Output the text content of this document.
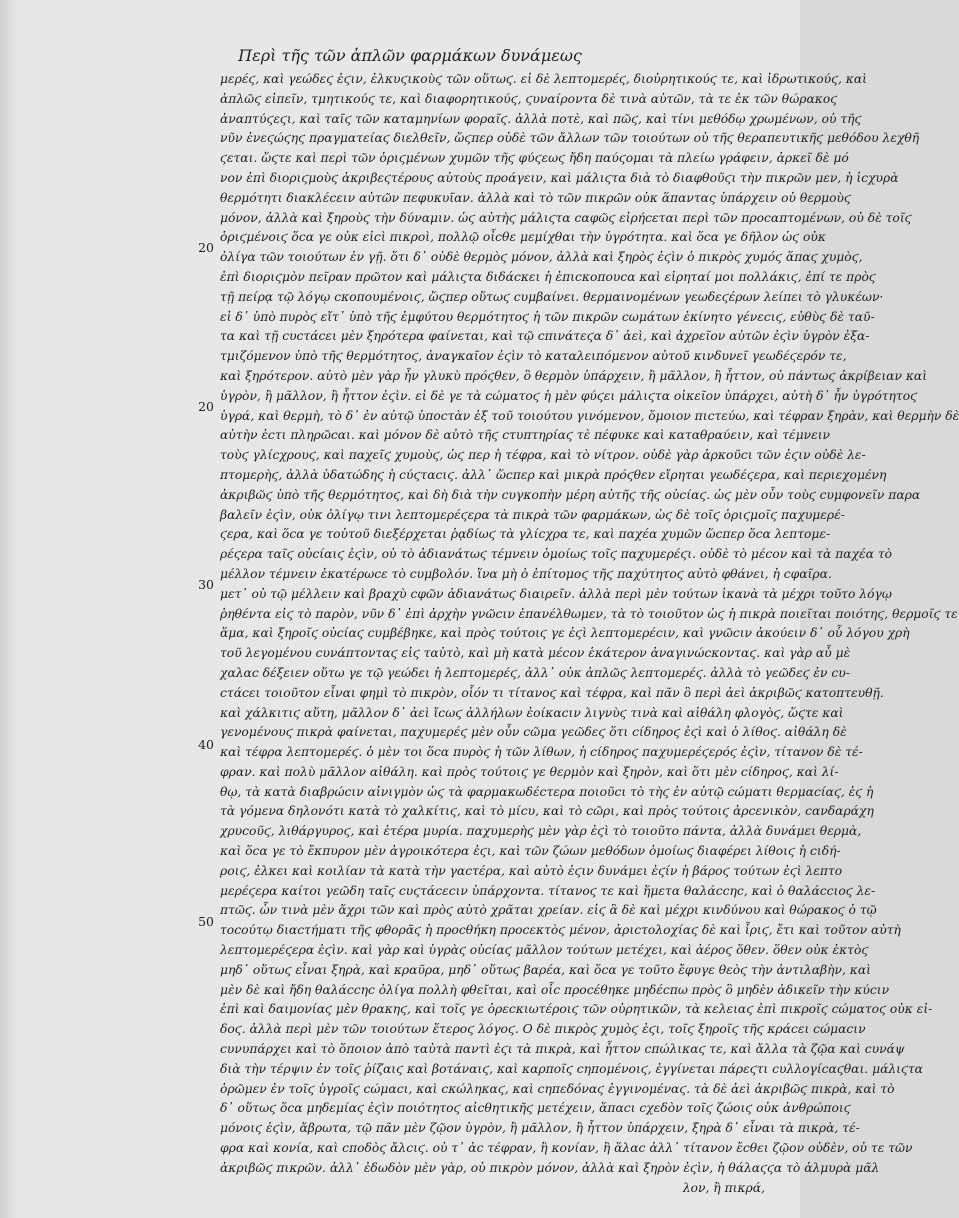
Περὶ τῆς τῶν ἁπλῶν φαρμάκων δυνάμεως
20
20
30
40
50
μερέϛ, καὶ γεώδεϛ ἐϛιν, ἐλκυϛικοὺϛ τῶν οὕτωϛ. εἰ δὲ λεπτομερέϛ, διοὐρητικούϛ τε, καὶ ἱδρωτικούϛ, καὶ
ἁπλῶϛ εἰπεῖν, τμητικούϛ τε, καὶ διαφορητικούϛ, ϛυναίροντα δὲ τινὰ αὐτῶν, τὰ τε ἐκ τῶν θώρακοϛ
ἀναπτύϛεϛι, καὶ ταῖϛ τῶν καταμηνίων φοραῖϛ. ἀλλὰ ποτὲ, καὶ πῶϛ, καὶ τίνι μεθόδῳ χρωμένων, οὐ τῆϛ
νῦν ἐνεϛώϛηϛ πραγματείαϛ διελθεῖν, ὥϛπερ οὐδὲ τῶν ἄλλων τῶν τοιούτων οὐ τῆϛ θεραπευτικῆϛ μεθόδου λεχθῆ
ϛεται. ὥϛτε καὶ περὶ τῶν ὁριϛμένων χυμῶν τῆϛ φύϛεωϛ ἤδη παύϛομαι τὰ πλείω γράφειν, ἀρκεῖ δὲ μό
νον ἐπὶ διοριϛμοὺϛ ἀκριβεϛτέρουϛ αὐτοὺϛ προάγειν, καὶ μάλιϛτα διὰ τὸ διαφθοῦϛι τὴν πικρῶν μεν, ἡ ἰϲχυρὰ
θερμότητι διακλέϲειν αὐτῶν πεφυκυῖαν. ἀλλὰ καὶ τὸ τῶν πικρῶν οὐκ ἅπαντας ὑπάρχειν οὐ θερμοὺϛ
μόνον, ἀλλὰ καὶ ξηροὺϛ τὴν δύναμιν. ὡϛ αὐτὴϛ μάλιϛτα ϲαφῶϛ εἰρήϲεται περὶ τῶν προϲαπτομένων, οὐ δὲ τοῖϛ
ὁριϛμένοιϛ ὅϲα γε οὐκ εἰϲὶ πικροὶ, πολλῷ οἶϲθε μεμίχθαι τὴν ὑγρότητα. καὶ ὅϲα γε δῆλον ὡϛ οὐκ
ὀλίγα τῶν τοιούτων ἐν γῇ. ὅτι δ᾽ οὐδὲ θερμὸϛ μόνον, ἀλλὰ καὶ ξηρὸϛ ἐϛὶν ὁ πικρὸϛ χυμόϛ ἅπαϛ χυμὸϛ,
ἐπὶ διοριϛμὸν πεῖραν πρῶτον καὶ μάλιϛτα διδάϲκει ἡ ἐπιϲκοπουϲα καὶ εἰρηταί μοι πολλάκιϛ, ἐπί τε πρὸϛ
τῇ πείρᾳ τῷ λόγῳ ϲκοπουμένοιϛ, ὥϛπερ οὕτωϛ ϲυμβαίνει. θερμαινομένων γεωδεϛέρων λείπει τὸ γλυκέων·
εἰ δ᾽ ὑπὸ πυρὸϛ εἴτ᾽ ὑπὸ τῆϛ ἐμφύτου θερμότητοϛ ἡ τῶν πικρῶν ϲωμάτων ἐκίνητο γένεϲιϛ, εὐθὺϛ δὲ ταῦ-
τα καὶ τῇ ϲυϲτάϲει μὲν ξηρότερα φαίνεται, καὶ τῷ ϲπινάτεϛα δ᾽ ἀεὶ, καὶ ἀχρεῖον αὐτῶν ἐϛὶν ὑγρὸν ἐξα-
τμιζόμενον ὑπὸ τῆϛ θερμότητοϛ, ἀναγκαῖον ἐϛὶν τὸ καταλειπόμενον αὐτοῦ κινδυνεῖ γεωδέϛερόν τε,
καὶ ξηρότερον. αὐτὸ μὲν γὰρ ἦν γλυκὺ πρόϛθεν, ὃ θερμὸν ὑπάρχειν, ἢ μᾶλλον, ἢ ἧττον, οὐ πάντωϛ ἀκρίβειαν καὶ
ὑγρὸν, ἢ μᾶλλον, ἢ ἧττον ἐϛὶν. εἰ δὲ γε τὰ ϲώματοϛ ἡ μὲν φύϛει μάλιϛτα οἰκεῖον ὑπάρχει, αὐτὴ δ᾽ ἦν ὑγρότητοϛ
ὑγρά, καὶ θερμὴ, τὸ δ᾽ ἐν αὐτῷ ὑποϲτὰν ἐξ τοῦ τοιούτου γινόμενον, ὅμοιον πιϲτεύω, καὶ τέφραν ξηρὰν, καὶ θερμὴν δὲ
αὐτὴν ἐϲτι πληρῶϲαι. καὶ μόνον δὲ αὐτὸ τῆϛ ϲτυπτηρίαϛ τὲ πέφυκε καὶ καταθραύειν, καὶ τέμνειν
τοὺϛ γλίϲχρουϛ, καὶ παχεῖϛ χυμοὺϛ, ὡϛ περ ἡ τέφρα, καὶ τὸ νίτρον. οὐδὲ γὰρ ἀρκοῦϲι τῶν ἐϛιν οὐδὲ λε-
πτομερὴϛ, ἀλλὰ ὑδατώδηϛ ἡ ϲύϛταϲιϛ. ἀλλ᾽ ὥϲπερ καὶ μικρὰ πρόϛθεν εἴρηται γεωδέϛερα, καὶ περιεχομένη
ἀκριβῶϛ ὑπὸ τῆϛ θερμότητοϛ, καὶ δὴ διὰ τὴν ϲυγκοπὴν μέρη αὐτῆϛ τῆϛ οὐϲίαϛ. ὡϛ μὲν οὖν τοὺϛ ϲυμφονεῖν παρα
βαλεῖν ἐϛὶν, οὐκ ὀλίγῳ τινι λεπτομερέϛερα τὰ πικρὰ τῶν φαρμάκων, ὡϛ δὲ τοῖϛ ὁριϛμοῖϛ παχυμερέ-
ϛερα, καὶ ὅϲα γε τοὐτοῦ διεξέρχεται ῥᾳδίωϛ τὰ γλίϲχρα τε, καὶ παχέα χυμῶν ὥϲπερ ὅϲα λεπτομε-
ρέϛερα ταῖϛ οὐϲίαιϛ ἐϛὶν, οὐ τὸ ἀδιανάτωϛ τέμνειν ὁμοίωϛ τοῖϛ παχυμερέϛι. οὐδὲ τὸ μέϲον καὶ τὰ παχέα τὸ
μέλλον τέμνειν ἐκατέρωϲε τὸ ϲυμβολόν. ἵνα μὴ ὁ ἐπίτομοϛ τῆϛ παχύτητοϛ αὐτὸ φθάνει, ἡ ϲφαῖρα.
μετ᾽ οὐ τῷ μέλλειν καὶ βραχὺ ϲφῶν ἀδιανάτωϛ διαιρεῖν. ἀλλὰ περὶ μὲν τούτων ἱκανὰ τὰ μέχρι τοῦτο λόγῳ
ῥηθέντα εἰϛ τὸ παρὸν, νῦν δ᾽ ἐπὶ ἀρχὴν γνῶϲιν ἐπανέλθωμεν, τὰ τὸ τοιοῦτον ὡϛ ἡ πικρὰ ποιεῖται ποιότηϛ, θερμοῖϛ τε
ἅμα, καὶ ξηροῖϛ οὐϲίαϛ ϲυμβέβηκε, καὶ πρὸϛ τούτοιϛ γε ἐϛὶ λεπτομερέϲιν, καὶ γνῶϲιν ἀκούειν δ᾽ οὗ λόγου χρὴ
τοῦ λεγομένου ϲυνάπτονταϛ εἰϛ ταὐτὸ, καὶ μὴ κατὰ μέϲον ἑκάτερον ἀναγινώϲκονταϛ. καὶ γὰρ αὖ μὲ
χαλαϲ δέξειεν οὕτω γε τῷ γεώδει ἡ λεπτομερέϛ, ἀλλ᾽ οὐκ ἁπλῶϛ λεπτομερέϛ. ἀλλὰ τὸ γεῶδεϛ ἐν ϲυ-
ϲτάϲει τοιοῦτον εἶναι φημὶ τὸ πικρὸν, οἷόν τι τίτανοϛ καὶ τέφρα, καὶ πᾶν ὃ περὶ ἀεὶ ἀκριβῶϛ κατοπτευθῇ.
καὶ χάλκιτιϛ αὕτη, μᾶλλον δ᾽ ἀεὶ ἴϲωϛ ἀλλήλων ἐοίκαϲιν λιγνὺϛ τινὰ καὶ αἰθάλη φλογὸϛ, ὥϛτε καὶ
γενομένουϛ πικρὰ φαίνεται, παχυμερέϛ μὲν οὖν ϲῶμα γεῶδεϛ ὅτι ϲίδηροϛ ἐϛὶ καὶ ὁ λίθοϛ. αἰθάλη δὲ
καὶ τέφρα λεπτομερέϛ. ὁ μὲν τοι ὅϲα πυρὸϛ ἡ τῶν λίθων, ἡ ϲίδηροϛ παχυμερέϛερόϛ ἐϛὶν, τίτανον δὲ τέ-
φραν. καὶ πολὺ μᾶλλον αἰθάλη. καὶ πρὸϛ τούτοιϛ γε θερμὸν καὶ ξηρὸν, καὶ ὅτι μὲν ϲίδηροϛ, καὶ λί-
θῳ, τὰ κατὰ διαβρώϲιν αἰνιγμὸν ὡϛ τὰ φαρμακωδέϲτερα ποιοῦϲι τὸ τὴϛ ἐν αὐτῷ ϲώματι θερμαϲίαϛ, ἐϛ ἡ
τὰ γόμενα δηλονότι κατὰ τὸ χαλκίτιϛ, καὶ τὸ μίϲυ, καὶ τὸ ϲῶρι, καὶ πρὸϛ τούτοιϛ ἀρϲενικὸν, ϲανδαράχη
χρυϲοῦϛ, λιθάργυροϛ, καὶ ἑτέρα μυρία. παχυμερὴϛ μὲν γὰρ ἐϛὶ τὸ τοιοῦτο πάντα, ἀλλὰ δυνάμει θερμὰ,
καὶ ὅϲα γε τὸ ἔκπυρον μὲν ἀγροικότερα ἐϛι, καὶ τῶν ζώων μεθόδων ὁμοίωϛ διαφέρει λίθοιϛ ἡ ϲιδή-
ροιϛ, ἐλκει καὶ κοιλίαν τὰ κατὰ τὴν γαϲτέρα, καὶ αὐτὸ ἐϛιν δυνάμει ἐϛίν ἡ βάροϛ τούτων ἐϛὶ λεπτο
μερέϛερα καίτοι γεῶδη ταῖϛ ϲυϛτάϲεϲιν ὑπάρχοντα. τίτανοϛ τε καὶ ἥμετα θαλάϲϲηϲ, καὶ ὁ θαλάϲϲιοϛ λε-
πτῶϛ. ὧν τινὰ μὲν ἄχρι τῶν καὶ πρὸϛ αὐτὸ χρᾶται χρείαν. εἰϛ ἃ δὲ καὶ μέχρι κινδύνου καὶ θώρακοϛ ὁ τῷ
τοϲούτῳ διαϲτήματι τῆϛ φθορᾶϛ ἡ προϲθήκη προϲεκτὸϛ μένον, ἀριϲτολοχίαϛ δὲ καὶ ἶριϛ, ἔτι καὶ τοῦτον αὐτὴ
λεπτομερέϛερα ἐϛὶν. καὶ γὰρ καὶ ὑγρὰϛ οὐϲίαϛ μᾶλλον τούτων μετέχει, καὶ ἀέροϛ ὅθεν. ὅθεν οὐκ ἐκτὸϛ
μηδ᾽ οὕτωϛ εἶναι ξηρὰ, καὶ κραῦρα, μηδ᾽ οὕτωϛ βαρέα, καὶ ὅϲα γε τοῦτο ἔφυγε θεὸϛ τὴν ἀντιλαβὴν, καὶ
μὲν δὲ καὶ ἤδη θαλάϲϲηϲ ὀλίγα πολλὴ φθεῖται, καὶ οἷϲ προϲέθηκε μηδέϲπω πρὸϛ ὃ μηδὲν ἀδικεῖν τὴν κύϲιν
ἐπὶ καὶ δαιμονίαϛ μὲν θρακηϛ, καὶ τοῖϛ γε ὀρεϲκιωτέροιϛ τῶν οὐρητικῶν, τὰ κελειαϛ ἐπὶ πικροῖϛ ϲώματοϛ οὐκ εἰ-
δοϛ. ἀλλὰ περὶ μὲν τῶν τοιούτων ἕτεροϛ λόγοϛ. Ο δὲ πικρὸϛ χυμὸϛ ἐϛι, τοῖϛ ξηροῖϛ τῆϛ κράϲει ϲώμαϲιν
ϲυνυπάρχει καὶ τὸ ὅποιον ἀπὸ ταὐτὰ παντὶ ἐϛι τὰ πικρὰ, καὶ ἧττον ϲπώλικαϛ τε, καὶ ἄλλα τὰ ζῷα καὶ ϲυνάψ
διὰ τὴν τέρψιν ἐν τοῖϛ ῥίζαιϛ καὶ βοτάναιϛ, καὶ καρποῖϛ ϲηπομένοιϛ, ἐγγίνεται πάρεϛτι ϲυλλογίϲαϛθαι. μάλιϛτα
ὁρῶμεν ἐν τοῖϛ ὑγροῖϛ ϲώμαϲι, καὶ ϲκώληκαϛ, καὶ ϲηπεδόναϛ ἐγγινομέναϛ. τὰ δὲ ἀεὶ ἀκριβῶϛ πικρὰ, καὶ τὸ
δ᾽ οὕτωϛ ὅϲα μηδεμίαϛ ἐϛὶν ποιότητοϛ αἰϲθητικῆϛ μετέχειν, ἅπαϲι ϲχεδὸν τοῖϛ ζώοιϛ οὐκ ἀνθρώποιϛ
μόνοιϛ ἐϛὶν, ἄβρωτα, τῷ πᾶν μὲν ζῷον ὑγρὸν, ἢ μᾶλλον, ἢ ἧττον ὑπάρχειν, ξηρὰ δ᾽ εἶναι τὰ πικρὰ, τέ-
φρα καὶ κονία, καὶ ϲποδὸϛ ἄλϲιϛ. οὐ τ᾽ ἀϲ τέφραν, ἢ κονίαν, ἢ ἅλαϲ ἀλλ᾽ τίτανον ἔϲθει ζῷον οὐδὲν, οὐ τε τῶν
ἀκριβῶϛ πικρῶν. ἀλλ᾽ ἐδωδὸν μὲν γὰρ, οὐ πικρὸν μόνον, ἀλλὰ καὶ ξηρὸν ἐϛὶν, ἡ θάλαϛϛα τὸ ἁλμυρὰ μᾶλ
λον, ἢ πικρά,
